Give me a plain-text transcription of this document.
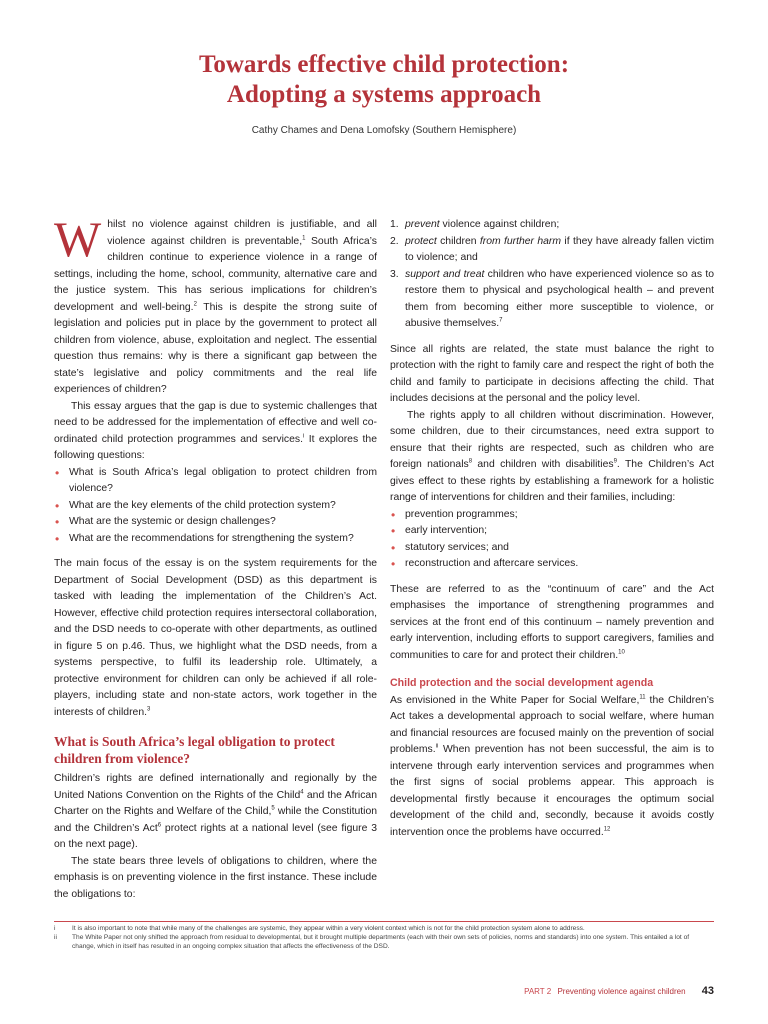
Towards effective child protection:
Adopting a systems approach
Cathy Chames and Dena Lomofsky (Southern Hemisphere)

Whilst no violence against children is justifiable, and all violence against children is preventable,$^1$ South Africa’s children continue to experience violence in a range of settings, including the home, school, community, alternative care and the justice system. This has serious implications for children’s development and well-being.$^2$ This is despite the strong suite of legislation and policies put in place by the government to protect all children from violence, abuse, exploitation and neglect. The essential question thus remains: why is there a significant gap between the state’s legislative and policy commitments and the real life experiences of children?

This essay argues that the gap is due to systemic challenges that need to be addressed for the implementation of effective and well co-ordinated child protection programmes and services.$^i$ It explores the following questions:

• What is South Africa’s legal obligation to protect children from violence?
• What are the key elements of the child protection system?
• What are the systemic or design challenges?
• What are the recommendations for strengthening the system?

The main focus of the essay is on the system requirements for the Department of Social Development (DSD) as this department is tasked with leading the implementation of the Children’s Act. However, effective child protection requires intersectoral collaboration, and the DSD needs to co-operate with other departments, as outlined in figure 5 on p.46. Thus, we highlight what the DSD needs, from a systems perspective, to fulfil its leadership role. Ultimately, a protective environment for children can only be achieved if all role-players, including state and non-state actors, work together in the interests of children.$^3$

What is South Africa’s legal obligation to protect children from violence?

Children’s rights are defined internationally and regionally by the United Nations Convention on the Rights of the Child$^4$ and the African Charter on the Rights and Welfare of the Child,$^5$ while the Constitution and the Children’s Act$^6$ protect rights at a national level (see figure 3 on the next page).

The state bears three levels of obligations to children, where the emphasis is on preventing violence in the first instance. These include the obligations to:

1. prevent violence against children;
2. protect children from further harm if they have already fallen victim to violence; and
3. support and treat children who have experienced violence so as to restore them to physical and psychological health – and prevent them from becoming either more susceptible to violence, or abusive themselves.$^7$

Since all rights are related, the state must balance the right to protection with the right to family care and respect the right of both the child and family to participate in decisions affecting the child. That includes decisions at the personal and the policy level.

The rights apply to all children without discrimination. However, some children, due to their circumstances, need extra support to ensure that their rights are respected, such as children who are foreign nationals$^8$ and children with disabilities$^9$. The Children’s Act gives effect to these rights by establishing a framework for a holistic range of interventions for children and their families, including:

• prevention programmes;
• early intervention;
• statutory services; and
• reconstruction and aftercare services.

These are referred to as the “continuum of care” and the Act emphasises the importance of strengthening programmes and services at the front end of this continuum – namely prevention and early intervention, including efforts to support caregivers, families and communities to care for and protect their children.$^{10}$

Child protection and the social development agenda

As envisioned in the White Paper for Social Welfare,$^{11}$ the Children’s Act takes a developmental approach to social welfare, where human and financial resources are focused mainly on the prevention of social problems.$^{ii}$ When prevention has not been successful, the aim is to intervene through early intervention services and programmes when the first signs of social problems appear. This approach is developmental firstly because it encourages the optimum social development of the child and, secondly, because it avoids costly intervention once the problems have occurred.$^{12}$

i	It is also important to note that while many of the challenges are systemic, they appear within a very violent context which is not for the child protection system alone to address.
ii The White Paper not only shifted the approach from residual to developmental, but it brought multiple departments (each with their own sets of policies, norms and standards) into one system. This entailed a lot of change, which in itself has resulted in an ongoing complex situation that affects the effectiveness of the DSD.
PART 2 Preventing violence against children 43
